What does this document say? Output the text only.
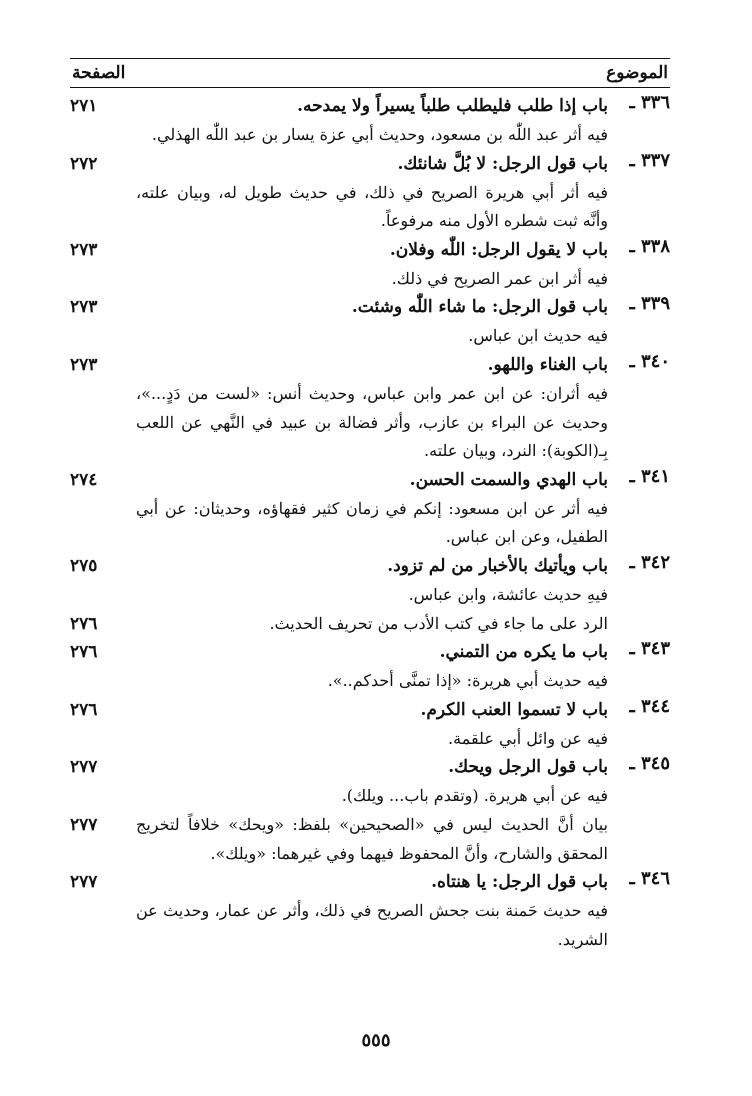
الموضوع
الصفحة
٣٣٦ ـ
باب إذا طلب فليطلب طلباً يسيراً ولا يمدحه.
٢٧١
فيه أثر عبد اللّٰه بن مسعود، وحديث أبي عزة يسار بن عبد اللّٰه الهذلي.
٣٣٧ ـ
باب قول الرجل: لا بُلَّ شانئك.
٢٧٢
فيه أثر أبي هريرة الصريح في ذلك، في حديث طويل له، وبيان علته، وأنَّه ثبت شطره الأول منه مرفوعاً.
٣٣٨ ـ
باب لا يقول الرجل: اللّٰه وفلان.
٢٧٣
فيه أثر ابن عمر الصريح في ذلك.
٣٣٩ ـ
باب قول الرجل: ما شاء اللّٰه وشئت.
٢٧٣
فيه حديث ابن عباس.
٣٤٠ ـ
باب الغناء واللهو.
٢٧٣
فيه أثران: عن ابن عمر وابن عباس، وحديث أنس: «لست من دَدٍ...»، وحديث عن البراء بن عازب، وأثر فضالة بن عبيد في النَّهي عن اللعب بِـ(الكوبة): النرد، وبيان علته.
٣٤١ ـ
باب الهدي والسمت الحسن.
٢٧٤
فيه أثر عن ابن مسعود: إنكم في زمان كثير فقهاؤه، وحديثان: عن أبي الطفيل، وعن ابن عباس.
٣٤٢ ـ
باب ويأتيك بالأخبار من لم تزود.
٢٧٥
فيهِ حديث عائشة، وابن عباس.
الرد على ما جاء في كتب الأدب من تحريف الحديث.
٢٧٦
٣٤٣ ـ
باب ما يكره من التمني.
٢٧٦
فيه حديث أبي هريرة: «إذا تمنَّى أحدكم..».
٣٤٤ ـ
باب لا تسموا العنب الكرم.
٢٧٦
فيه عن وائل أبي علقمة.
٣٤٥ ـ
باب قول الرجل ويحك.
٢٧٧
فيه عن أبي هريرة. (وتقدم باب... ويلك).
بيان أنَّ الحديث ليس في «الصحيحين» بلفظ: «ويحك» خلافاً لتخريج المحقق والشارح، وأنَّ المحفوظ فيهما وفي غيرهما: «ويلك».
٢٧٧
٣٤٦ ـ
باب قول الرجل: يا هنتاه.
٢٧٧
فيه حديث حَمنة بنت جحش الصريح في ذلك، وأثر عن عمار، وحديث عن الشريد.
٥٥٥
